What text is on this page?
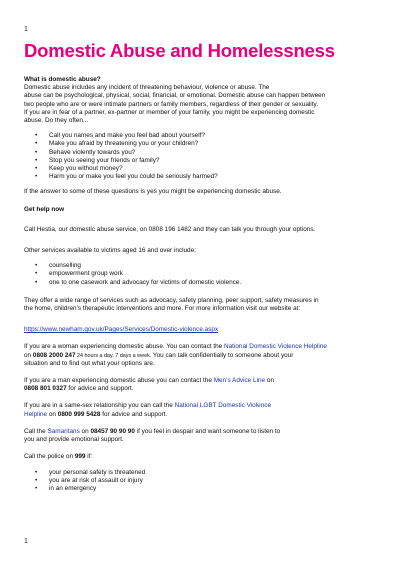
1
Domestic Abuse and Homelessness

What is domestic abuse?

Domestic abuse includes any incident of threatening behaviour, violence or abuse. The
abuse can be psychological, physical, social, financial, or emotional. Domestic abuse can happen between
two people who are or were intimate partners or family members, regardless of their gender or sexuality.
If you are in fear of a partner, ex-partner or member of your family, you might be experiencing domestic
abuse. Do they often...
• Call you names and make you feel bad about yourself?
• Make you afraid by threatening you or your children?
• Behave violently towards you?
• Stop you seeing your friends or family?
• Keep you without money?
• Harm you or make you feel you could be seriously harmed?

If the answer to some of these questions is yes you might be experiencing domestic abuse.

Get help now

Call Hestia, our domestic abuse service, on 0808 196 1482 and they can talk you through your options.

Other services available to victims aged 16 and over include:

• counselling
• empowerment group work
• one to one casework and advocacy for victims of domestic violence.
They offer a wide range of services such as advocacy, safety planning, peer support, safety measures in
the home, children’s therapeutic interventions and more. For more information visit our website at:

https://www.newham.gov.uk/Pages/Services/Domestic-violence.aspx

If you are a woman experiencing domestic abuse. You can contact the National Domestic Violence Helpline
on 0808 2000 247 24 hours a day, 7 days a week. You can talk confidentially to someone about your
situation and to find out what your options are.
If you are a man experiencing domestic abuse you can contact the Men’s Advice Line on
0808 801 0327 for advice and support.
If you are in a same-sex relationship you can call the National LGBT Domestic Violence
Helpline on 0800 999 5428 for advice and support.
Call the Samaritans on 08457 90 90 90 if you feel in despair and want someone to listen to
you and provide emotional support.

Call the police on 999 if:

• your personal safety is threatened
• you are at risk of assault or injury
• in an emergency
1
